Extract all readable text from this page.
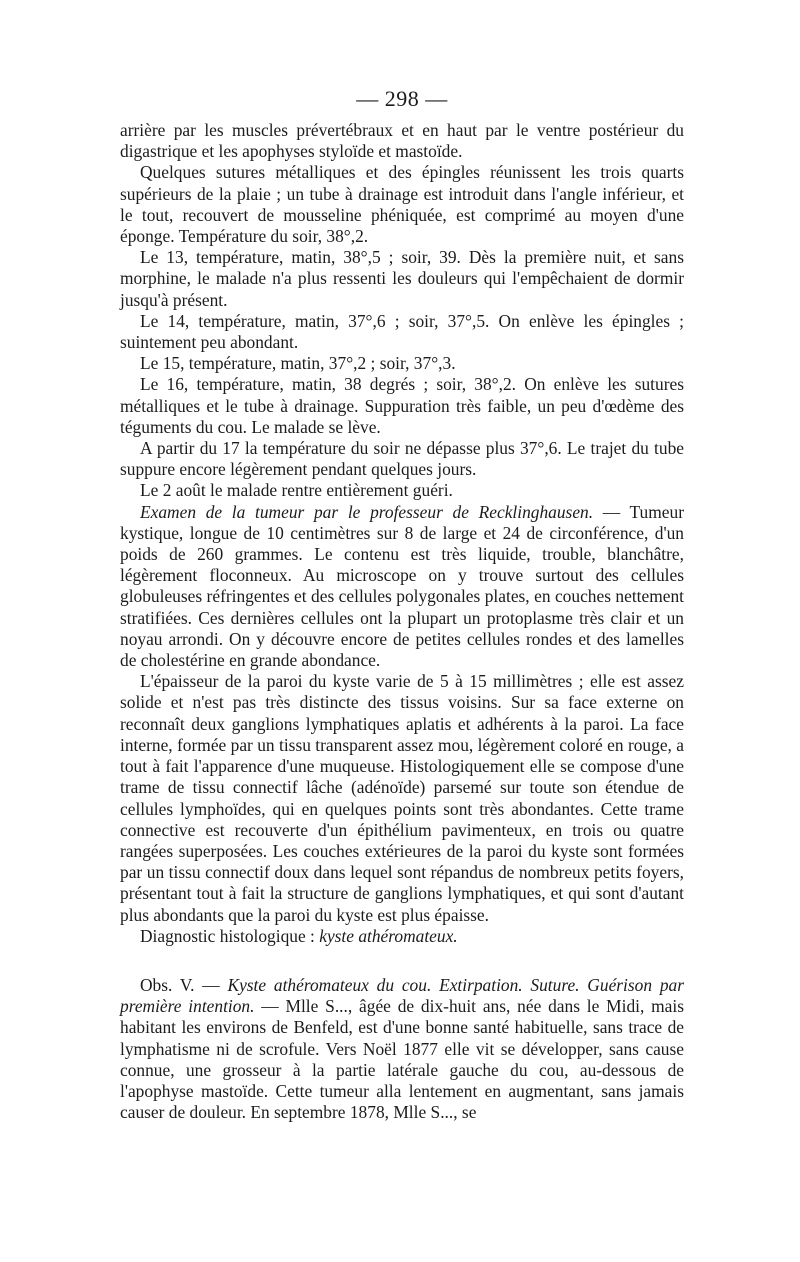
— 298 —

arrière par les muscles prévertébraux et en haut par le ventre postérieur du digastrique et les apophyses styloïde et mastoïde.

Quelques sutures métalliques et des épingles réunissent les trois quarts supérieurs de la plaie ; un tube à drainage est introduit dans l'angle inférieur, et le tout, recouvert de mousseline phéniquée, est comprimé au moyen d'une éponge. Température du soir, 38°,2.

Le 13, température, matin, 38°,5 ; soir, 39. Dès la première nuit, et sans morphine, le malade n'a plus ressenti les douleurs qui l'empêchaient de dormir jusqu'à présent.

Le 14, température, matin, 37°,6 ; soir, 37°,5. On enlève les épingles ; suintement peu abondant.

Le 15, température, matin, 37°,2 ; soir, 37°,3.

Le 16, température, matin, 38 degrés ; soir, 38°,2. On enlève les sutures métalliques et le tube à drainage. Suppuration très faible, un peu d'œdème des téguments du cou. Le malade se lève.

A partir du 17 la température du soir ne dépasse plus 37°,6. Le trajet du tube suppure encore légèrement pendant quelques jours.

Le 2 août le malade rentre entièrement guéri.

Examen de la tumeur par le professeur de Recklinghausen. — Tumeur kystique, longue de 10 centimètres sur 8 de large et 24 de circonférence, d'un poids de 260 grammes. Le contenu est très liquide, trouble, blanchâtre, légèrement floconneux. Au microscope on y trouve surtout des cellules globuleuses réfringentes et des cellules polygonales plates, en couches nettement stratifiées. Ces dernières cellules ont la plupart un protoplasme très clair et un noyau arrondi. On y découvre encore de petites cellules rondes et des lamelles de cholestérine en grande abondance.

L'épaisseur de la paroi du kyste varie de 5 à 15 millimètres ; elle est assez solide et n'est pas très distincte des tissus voisins. Sur sa face externe on reconnaît deux ganglions lymphatiques aplatis et adhérents à la paroi. La face interne, formée par un tissu transparent assez mou, légèrement coloré en rouge, a tout à fait l'apparence d'une muqueuse. Histologiquement elle se compose d'une trame de tissu connectif lâche (adénoïde) parsemé sur toute son étendue de cellules lymphoïdes, qui en quelques points sont très abondantes. Cette trame connective est recouverte d'un épithélium pavimenteux, en trois ou quatre rangées superposées. Les couches extérieures de la paroi du kyste sont formées par un tissu connectif doux dans lequel sont répandus de nombreux petits foyers, présentant tout à fait la structure de ganglions lymphatiques, et qui sont d'autant plus abondants que la paroi du kyste est plus épaisse.

Diagnostic histologique : kyste athéromateux.

Obs. V. — Kyste athéromateux du cou. Extirpation. Suture. Guérison par première intention. — Mlle S..., âgée de dix-huit ans, née dans le Midi, mais habitant les environs de Benfeld, est d'une bonne santé habituelle, sans trace de lymphatisme ni de scrofule. Vers Noël 1877 elle vit se développer, sans cause connue, une grosseur à la partie latérale gauche du cou, au-dessous de l'apophyse mastoïde. Cette tumeur alla lentement en augmentant, sans jamais causer de douleur. En septembre 1878, Mlle S..., se
